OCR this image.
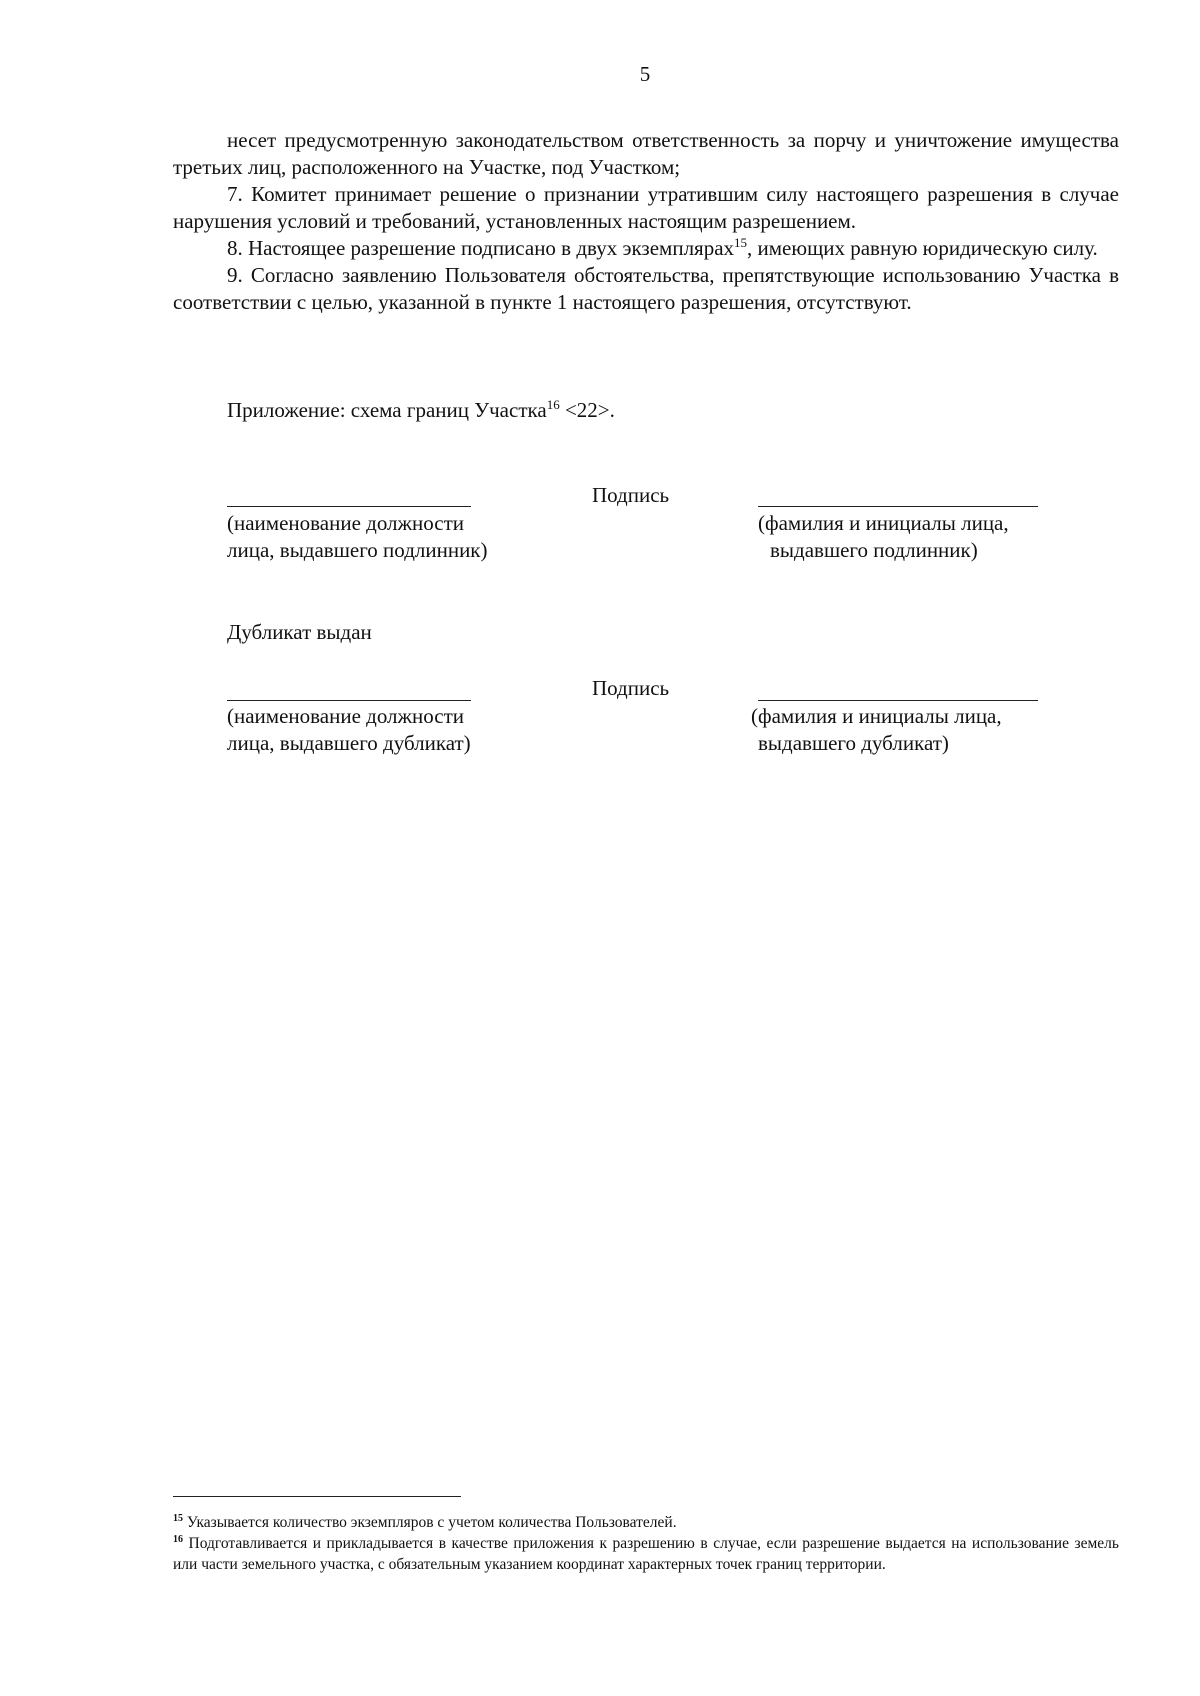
5

несет предусмотренную законодательством ответственность за порчу и уничтожение имущества третьих лиц, расположенного на Участке, под Участком;

7. Комитет принимает решение о признании утратившим силу настоящего разрешения в случае нарушения условий и требований, установленных настоящим разрешением.

8. Настоящее разрешение подписано в двух экземплярах$^{15}$, имеющих равную юридическую силу.

9. Согласно заявлению Пользователя обстоятельства, препятствующие использованию Участка в соответствии с целью, указанной в пункте 1 настоящего разрешения, отсутствуют.

Приложение: схема границ Участка$^{16}$ <22>.
Подпись
(наименование должности
лица, выдавшего подлинник)
(фамилия и инициалы лица,
выдавшего подлинник)
Дубликат выдан
Подпись
(наименование должности
лица, выдавшего дубликат)
(фамилия и инициалы лица,
выдавшего дубликат)

$^{15}$ Указывается количество экземпляров с учетом количества Пользователей.

$^{16}$ Подготавливается и прикладывается в качестве приложения к разрешению в случае, если разрешение выдается на использование земель или части земельного участка, с обязательным указанием координат характерных точек границ территории.
